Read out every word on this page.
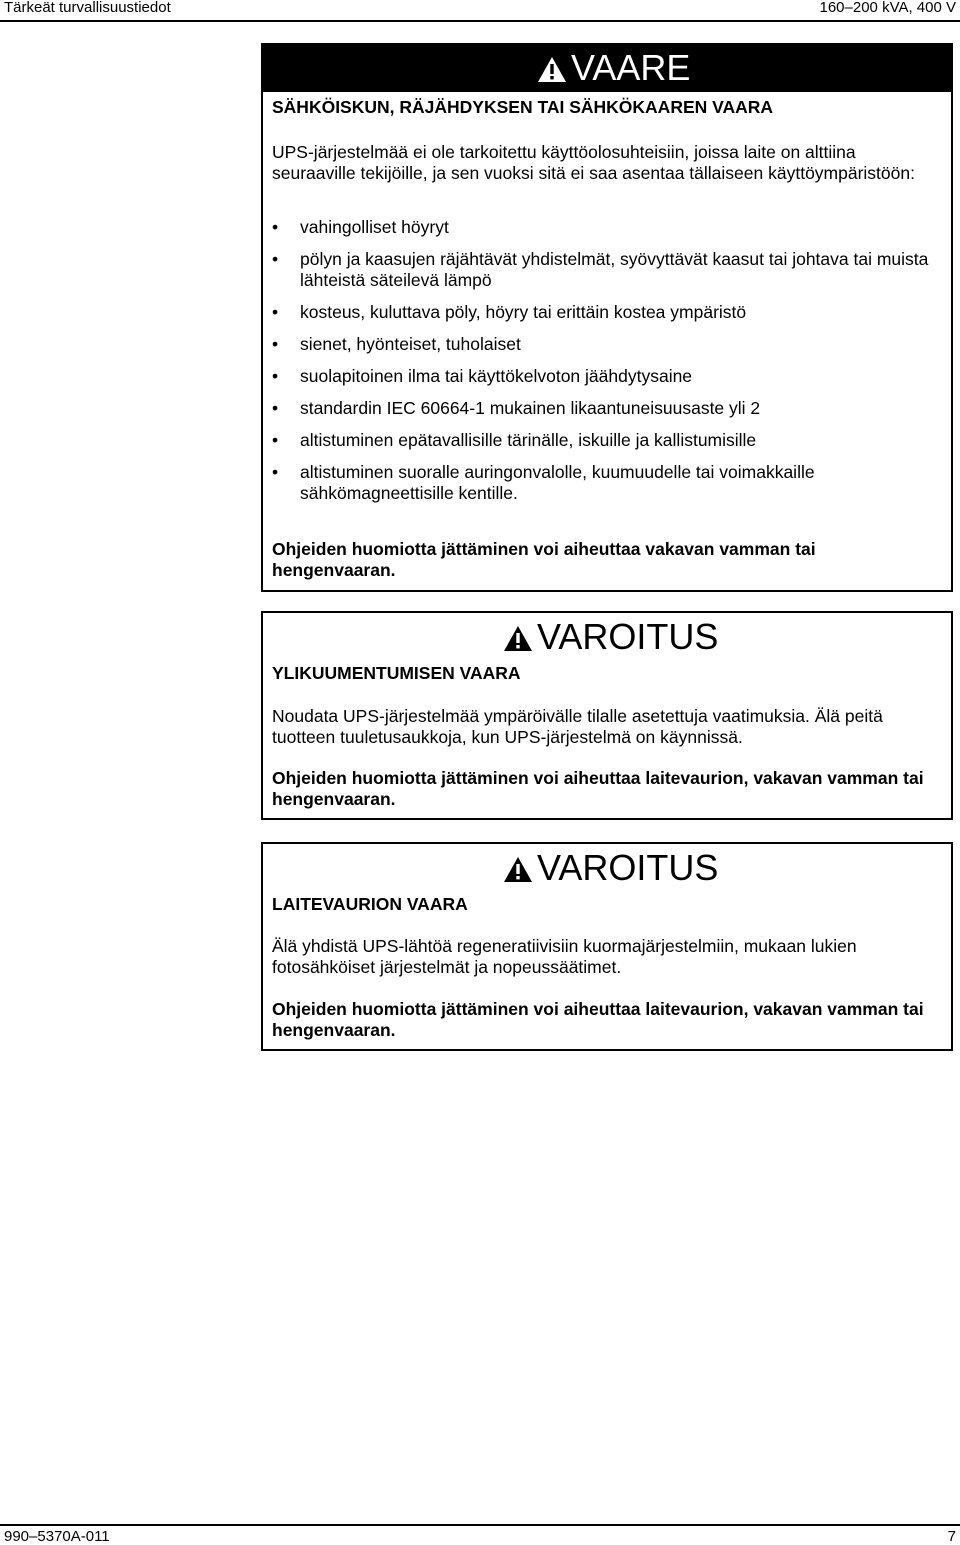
Tärkeät turvallisuustiedot	160–200 kVA, 400 V
VAARE
SÄHKÖISKUN, RÄJÄHDYKSEN TAI SÄHKÖKAAREN VAARA
UPS-järjestelmää ei ole tarkoitettu käyttöolosuhteisiin, joissa laite on alttiina seuraaville tekijöille, ja sen vuoksi sitä ei saa asentaa tällaiseen käyttöympäristöön:
• vahingolliset höyryt
• pölyn ja kaasujen räjähtävät yhdistelmät, syövyttävät kaasut tai johtava tai muista lähteistä säteilevä lämpö
• kosteus, kuluttava pöly, höyry tai erittäin kostea ympäristö
• sienet, hyönteiset, tuholaiset
• suolapitoinen ilma tai käyttökelvoton jäähdytysaine
• standardin IEC 60664-1 mukainen likaantuneisuusaste yli 2
• altistuminen epätavallisille tärinälle, iskuille ja kallistumisille
• altistuminen suoralle auringonvalolle, kuumuudelle tai voimakkaille sähkömagneettisille kentille.
Ohjeiden huomiotta jättäminen voi aiheuttaa vakavan vamman tai hengenvaaran.
VAROITUS
YLIKUUMENTUMISEN VAARA
Noudata UPS-järjestelmää ympäröivälle tilalle asetettuja vaatimuksia. Älä peitä tuotteen tuuletusaukkoja, kun UPS-järjestelmä on käynnissä.
Ohjeiden huomiotta jättäminen voi aiheuttaa laitevaurion, vakavan vamman tai hengenvaaran.
VAROITUS
LAITEVAURION VAARA
Älä yhdistä UPS-lähtöä regeneratiivisiin kuormajärjestelmiin, mukaan lukien fotosähköiset järjestelmät ja nopeussäätimet.
Ohjeiden huomiotta jättäminen voi aiheuttaa laitevaurion, vakavan vamman tai hengenvaaran.
990–5370A-011	7
